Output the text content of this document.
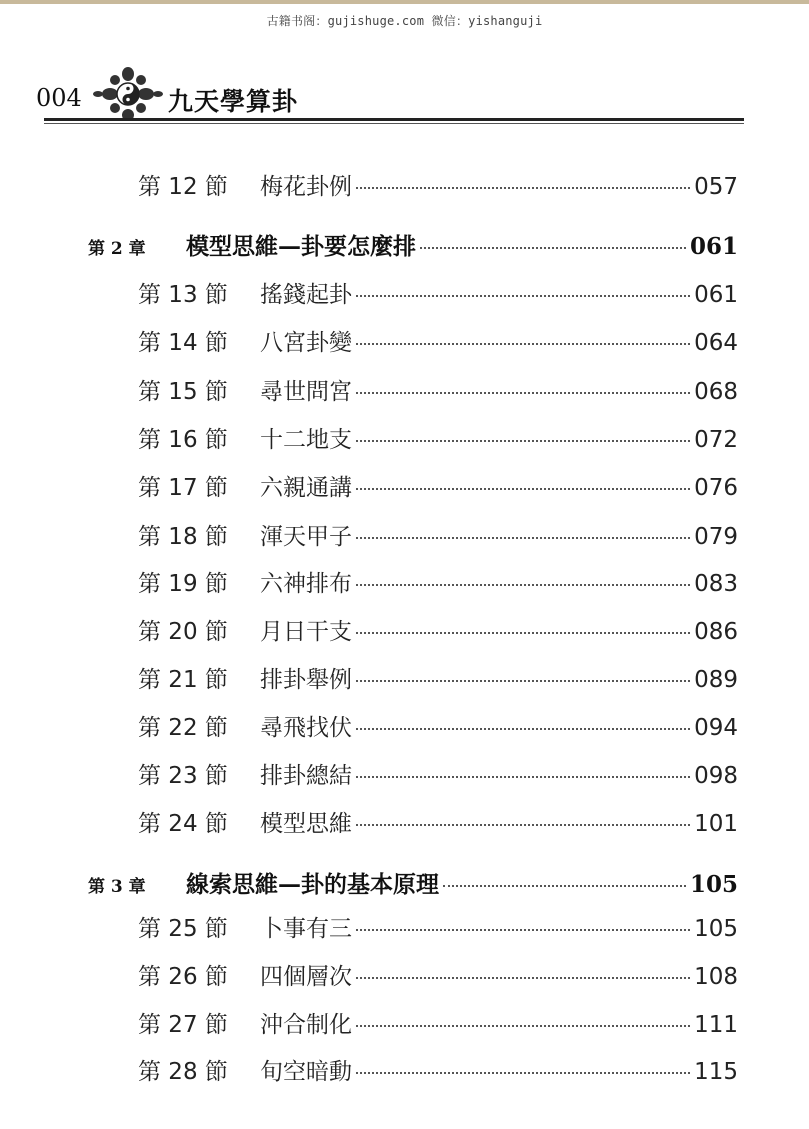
古籍书阁：gujishuge.com 微信：yishanguji
004	九天學算卦
第 12 節	梅花卦例	057
第 2 章	模型思維—卦要怎麼排	061
第 13 節	搖錢起卦	061
第 14 節	八宮卦變	064
第 15 節	尋世問宮	068
第 16 節	十二地支	072
第 17 節	六親通講	076
第 18 節	渾天甲子	079
第 19 節	六神排布	083
第 20 節	月日干支	086
第 21 節	排卦舉例	089
第 22 節	尋飛找伏	094
第 23 節	排卦總結	098
第 24 節	模型思維	101
第 3 章	線索思維—卦的基本原理	105
第 25 節	卜事有三	105
第 26 節	四個層次	108
第 27 節	沖合制化	111
第 28 節	旬空暗動	115
